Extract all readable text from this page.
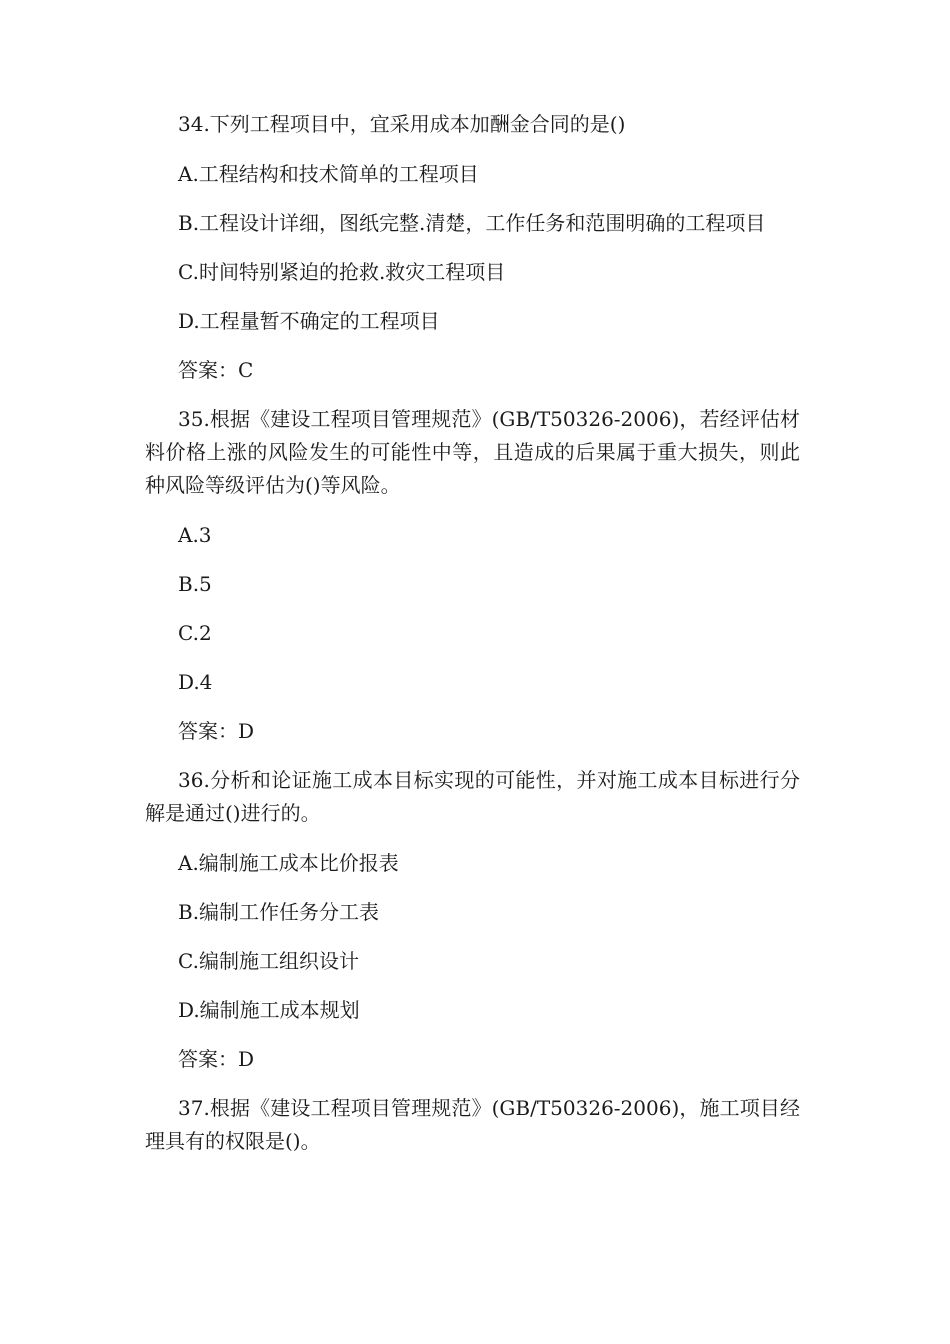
34.下列工程项目中，宜采用成本加酬金合同的是()

A.工程结构和技术简单的工程项目

B.工程设计详细，图纸完整.清楚，工作任务和范围明确的工程项目

C.时间特别紧迫的抢救.救灾工程项目

D.工程量暂不确定的工程项目

答案：C

35.根据《建设工程项目管理规范》(GB/T50326-2006)，若经评估材料价格上涨的风险发生的可能性中等，且造成的后果属于重大损失，则此种风险等级评估为()等风险。

A.3

B.5

C.2

D.4

答案：D

36.分析和论证施工成本目标实现的可能性，并对施工成本目标进行分解是通过()进行的。

A.编制施工成本比价报表

B.编制工作任务分工表

C.编制施工组织设计

D.编制施工成本规划

答案：D

37.根据《建设工程项目管理规范》(GB/T50326-2006)，施工项目经理具有的权限是()。
